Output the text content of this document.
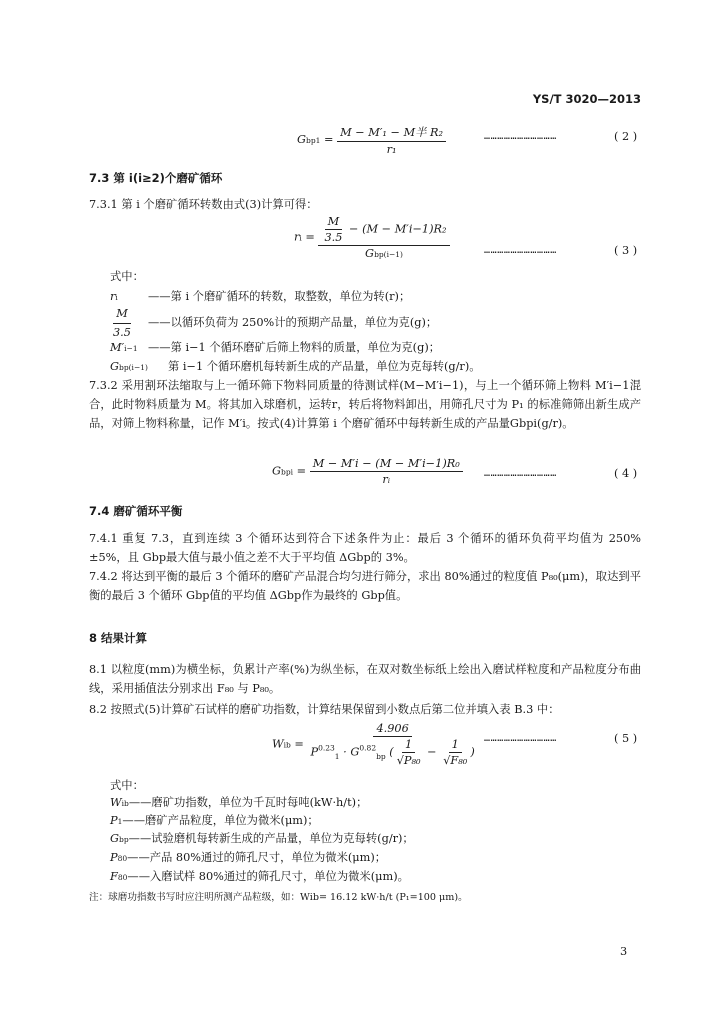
YS/T 3020—2013
$Gbp1 = \frac{\text{M − M′₁ − M半 R₂}}{\text{r₁}}$	……………………………	( 2 )
7.3 第 i(i≥2)个磨矿循环
7.3.1 第 i 个磨矿循环转数由式(3)计算可得：
ri = $\frac{\frac{M}{3.5} - (M - M'i-1)R_2}{\text{Gbp(i−1)}}$	……………………………	( 3 )
式中：
ri	——第 i 个磨矿循环的转数，取整数，单位为转(r)；
$\frac{M}{3.5}$ ——以循环负荷为 250%计的预期产品量，单位为克(g)；
M′i−1 ——第 i−1 个循环磨矿后筛上物料的质量，单位为克(g)；
Gbp(i−1) 第 i−1 个循环磨机每转新生成的产品量，单位为克每转(g/r)。
7.3.2 采用割环法缩取与上一循环筛下物料同质量的待测试样(M−M′i−1)，与上一个循环筛上物料 M′i−1混合，此时物料质量为 M。将其加入球磨机，运转r，转后将物料卸出，用筛孔尺寸为 P₁ 的标准筛筛出新生成产品，对筛上物料称量，记作 M′i。按式(4)计算第 i 个磨矿循环中每转新生成的产品量Gbpi(g/r)。
Gbpi = $\frac{\text{M − M′i − (M − M′i−1)R₀}}{\text{rᵢ}}$ ……………………………	( 4 )
7.4 磨矿循环平衡
7.4.1 重复 7.3，直到连续 3 个循环达到符合下述条件为止：最后 3 个循环的循环负荷平均值为 250%±5%，且 Gbp最大值与最小值之差不大于平均值 ΔGbp的 3%。
7.4.2 将达到平衡的最后 3 个循环的磨矿产品混合均匀进行筛分，求出 80%通过的粒度值 P₈₀(μm)，取达到平衡的最后 3 个循环 Gbp值的平均值 ΔGbp作为最终的 Gbp值。
8 结果计算
8.1 以粒度(mm)为横坐标，负累计产率(%)为纵坐标，在双对数坐标纸上绘出入磨试样粒度和产品粒度分布曲线，采用插值法分别求出 F₈₀ 与 P₈₀。
8.2 按照式(5)计算矿石试样的磨矿功指数，计算结果保留到小数点后第二位并填入表 B.3 中：
Wib =
4.906
$P^{0.23}_1 \cdot G^{0.82}_{bp}$ ( $\frac{1}{\text{√P₈₀}} - \frac{1}{\text{√F₈₀}}$ )
……………………………	( 5 )
式中：
Wib——磨矿功指数，单位为千瓦时每吨(kW·h/t)；
P1——磨矿产品粒度，单位为微米(μm)；
Gbp——试验磨机每转新生成的产品量，单位为克每转(g/r)；
P80——产品 80%通过的筛孔尺寸，单位为微米(μm)；
F80——入磨试样 80%通过的筛孔尺寸，单位为微米(μm)。
注：球磨功指数书写时应注明所测产品粒级，如：Wib= 16.12 kW·h/t (P₁=100 μm)。
3
